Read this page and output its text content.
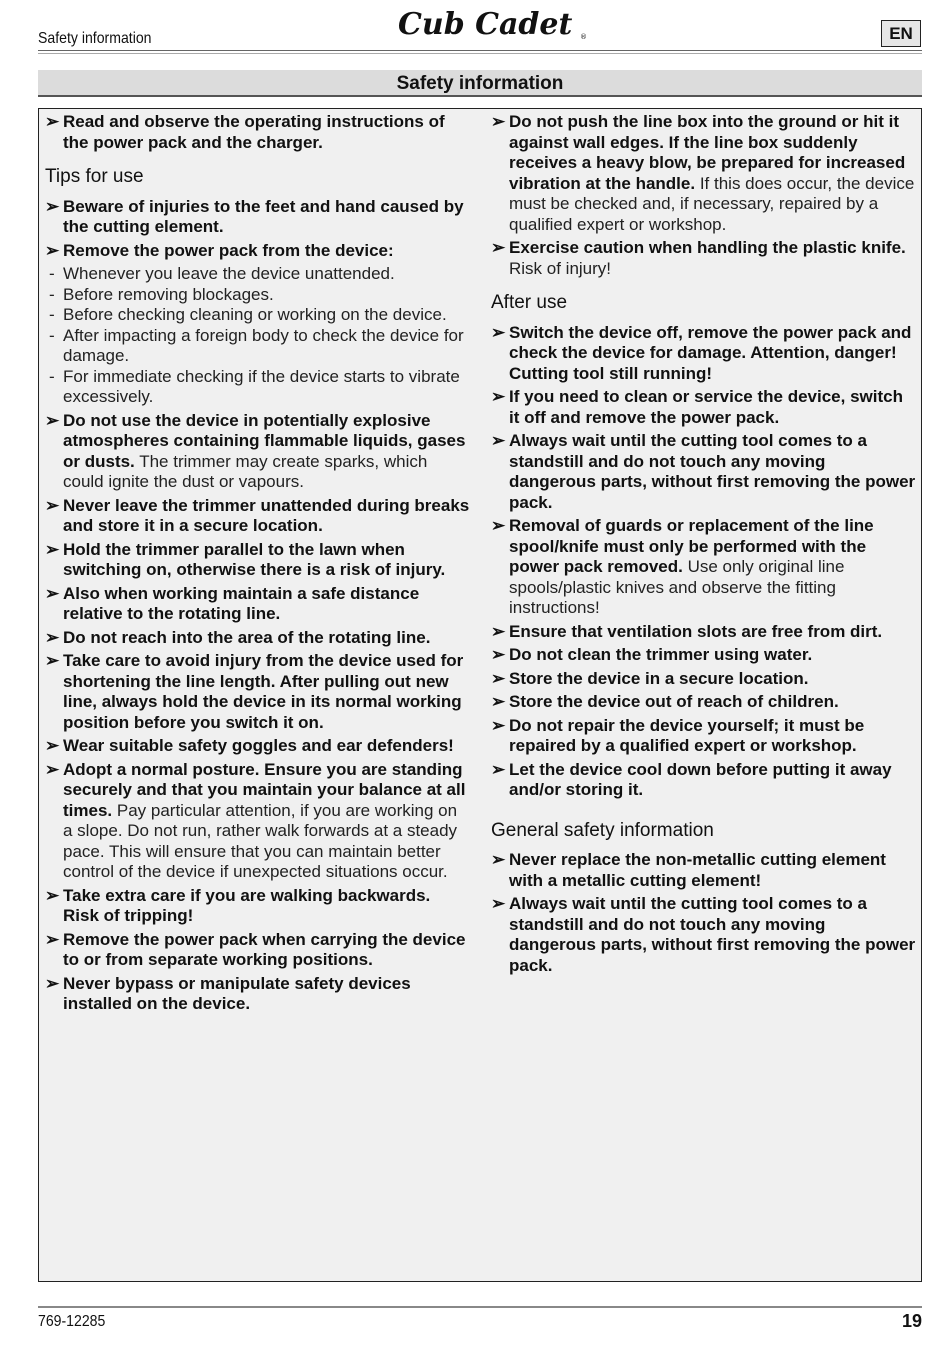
Safety information	Cub Cadet ®	EN
Safety information
➢ Read and observe the operating instructions of the power pack and the charger.
Tips for use
➢ Beware of injuries to the feet and hand caused by the cutting element.
➢ Remove the power pack from the device:
- Whenever you leave the device unattended.
- Before removing blockages.
- Before checking cleaning or working on the device.
- After impacting a foreign body to check the device for damage.
- For immediate checking if the device starts to vibrate excessively.
➢ Do not use the device in potentially explosive atmospheres containing flammable liquids, gases or dusts. The trimmer may create sparks, which could ignite the dust or vapours.
➢ Never leave the trimmer unattended during breaks and store it in a secure location.
➢ Hold the trimmer parallel to the lawn when switching on, otherwise there is a risk of injury.
➢ Also when working maintain a safe distance relative to the rotating line.
➢ Do not reach into the area of the rotating line.
➢ Take care to avoid injury from the device used for shortening the line length. After pulling out new line, always hold the device in its normal working position before you switch it on.
➢ Wear suitable safety goggles and ear defenders!
➢ Adopt a normal posture. Ensure you are standing securely and that you maintain your balance at all times. Pay particular attention, if you are working on a slope. Do not run, rather walk forwards at a steady pace. This will ensure that you can maintain better control of the device if unexpected situations occur.
➢ Take extra care if you are walking backwards. Risk of tripping!
➢ Remove the power pack when carrying the device to or from separate working positions.
➢ Never bypass or manipulate safety devices installed on the device.
➢ Do not push the line box into the ground or hit it against wall edges. If the line box suddenly receives a heavy blow, be prepared for increased vibration at the handle. If this does occur, the device must be checked and, if necessary, repaired by a qualified expert or workshop.
➢ Exercise caution when handling the plastic knife. Risk of injury!
After use
➢ Switch the device off, remove the power pack and check the device for damage. Attention, danger! Cutting tool still running!
➢ If you need to clean or service the device, switch it off and remove the power pack.
➢ Always wait until the cutting tool comes to a standstill and do not touch any moving dangerous parts, without first removing the power pack.
➢ Removal of guards or replacement of the line spool/knife must only be performed with the power pack removed. Use only original line spools/plastic knives and observe the fitting instructions!
➢ Ensure that ventilation slots are free from dirt.
➢ Do not clean the trimmer using water.
➢ Store the device in a secure location.
➢ Store the device out of reach of children.
➢ Do not repair the device yourself; it must be repaired by a qualified expert or workshop.
➢ Let the device cool down before putting it away and/or storing it.
General safety information
➢ Never replace the non-metallic cutting element with a metallic cutting element!
➢ Always wait until the cutting tool comes to a standstill and do not touch any moving dangerous parts, without first removing the power pack.
769-12285	19
